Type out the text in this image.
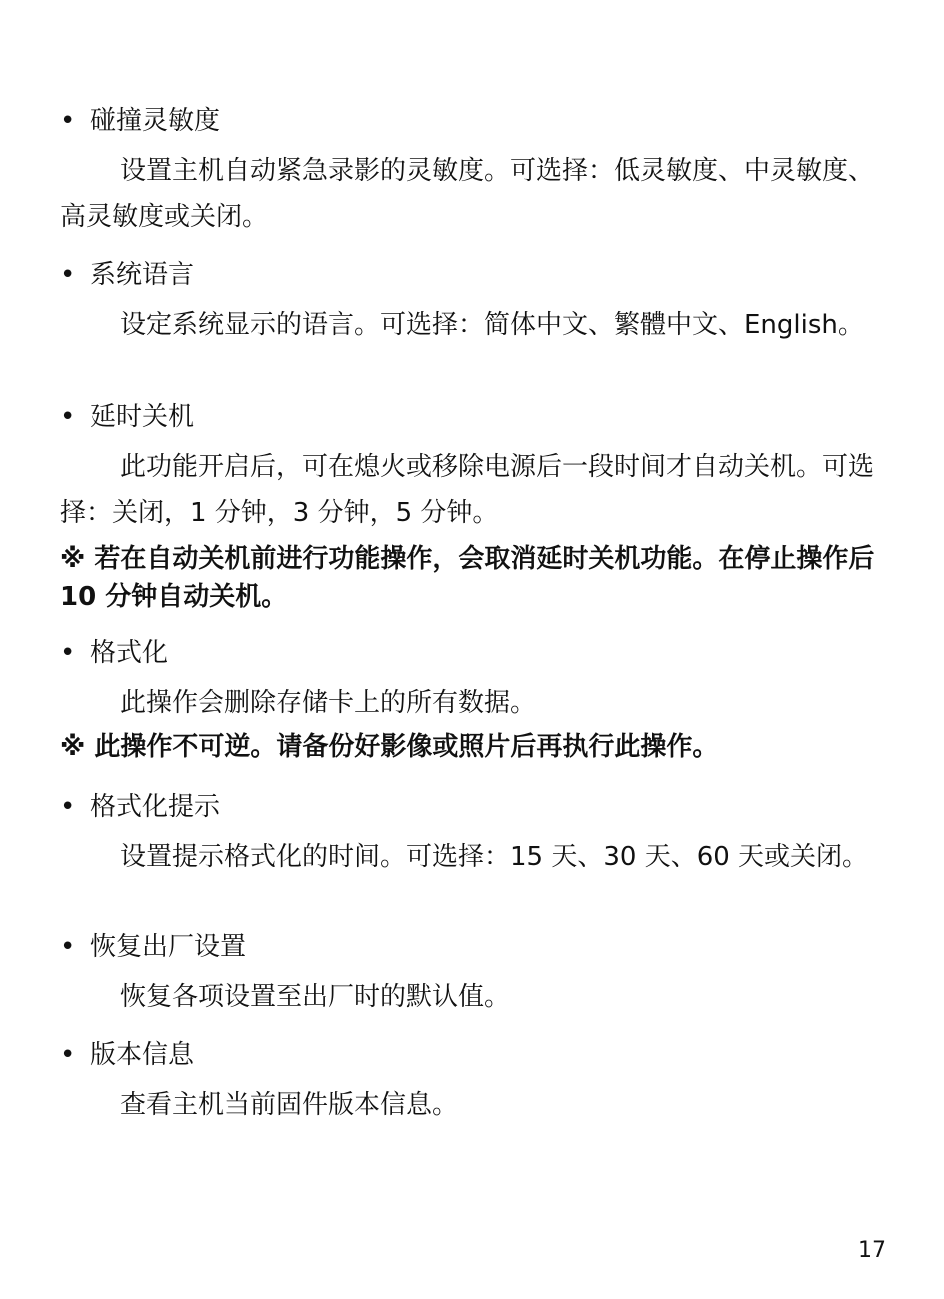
• 碰撞灵敏度
设置主机自动紧急录影的灵敏度。可选择：低灵敏度、中灵敏度、高灵敏度或关闭。
• 系统语言
设定系统显示的语言。可选择：简体中文、繁體中文、English。
• 延时关机
此功能开启后，可在熄火或移除电源后一段时间才自动关机。可选择：关闭，1 分钟，3 分钟，5 分钟。
※ 若在自动关机前进行功能操作，会取消延时关机功能。在停止操作后 10 分钟自动关机。
• 格式化
此操作会删除存储卡上的所有数据。
※ 此操作不可逆。请备份好影像或照片后再执行此操作。
• 格式化提示
设置提示格式化的时间。可选择：15 天、30 天、60 天或关闭。
• 恢复出厂设置
恢复各项设置至出厂时的默认值。
• 版本信息
查看主机当前固件版本信息。
17
